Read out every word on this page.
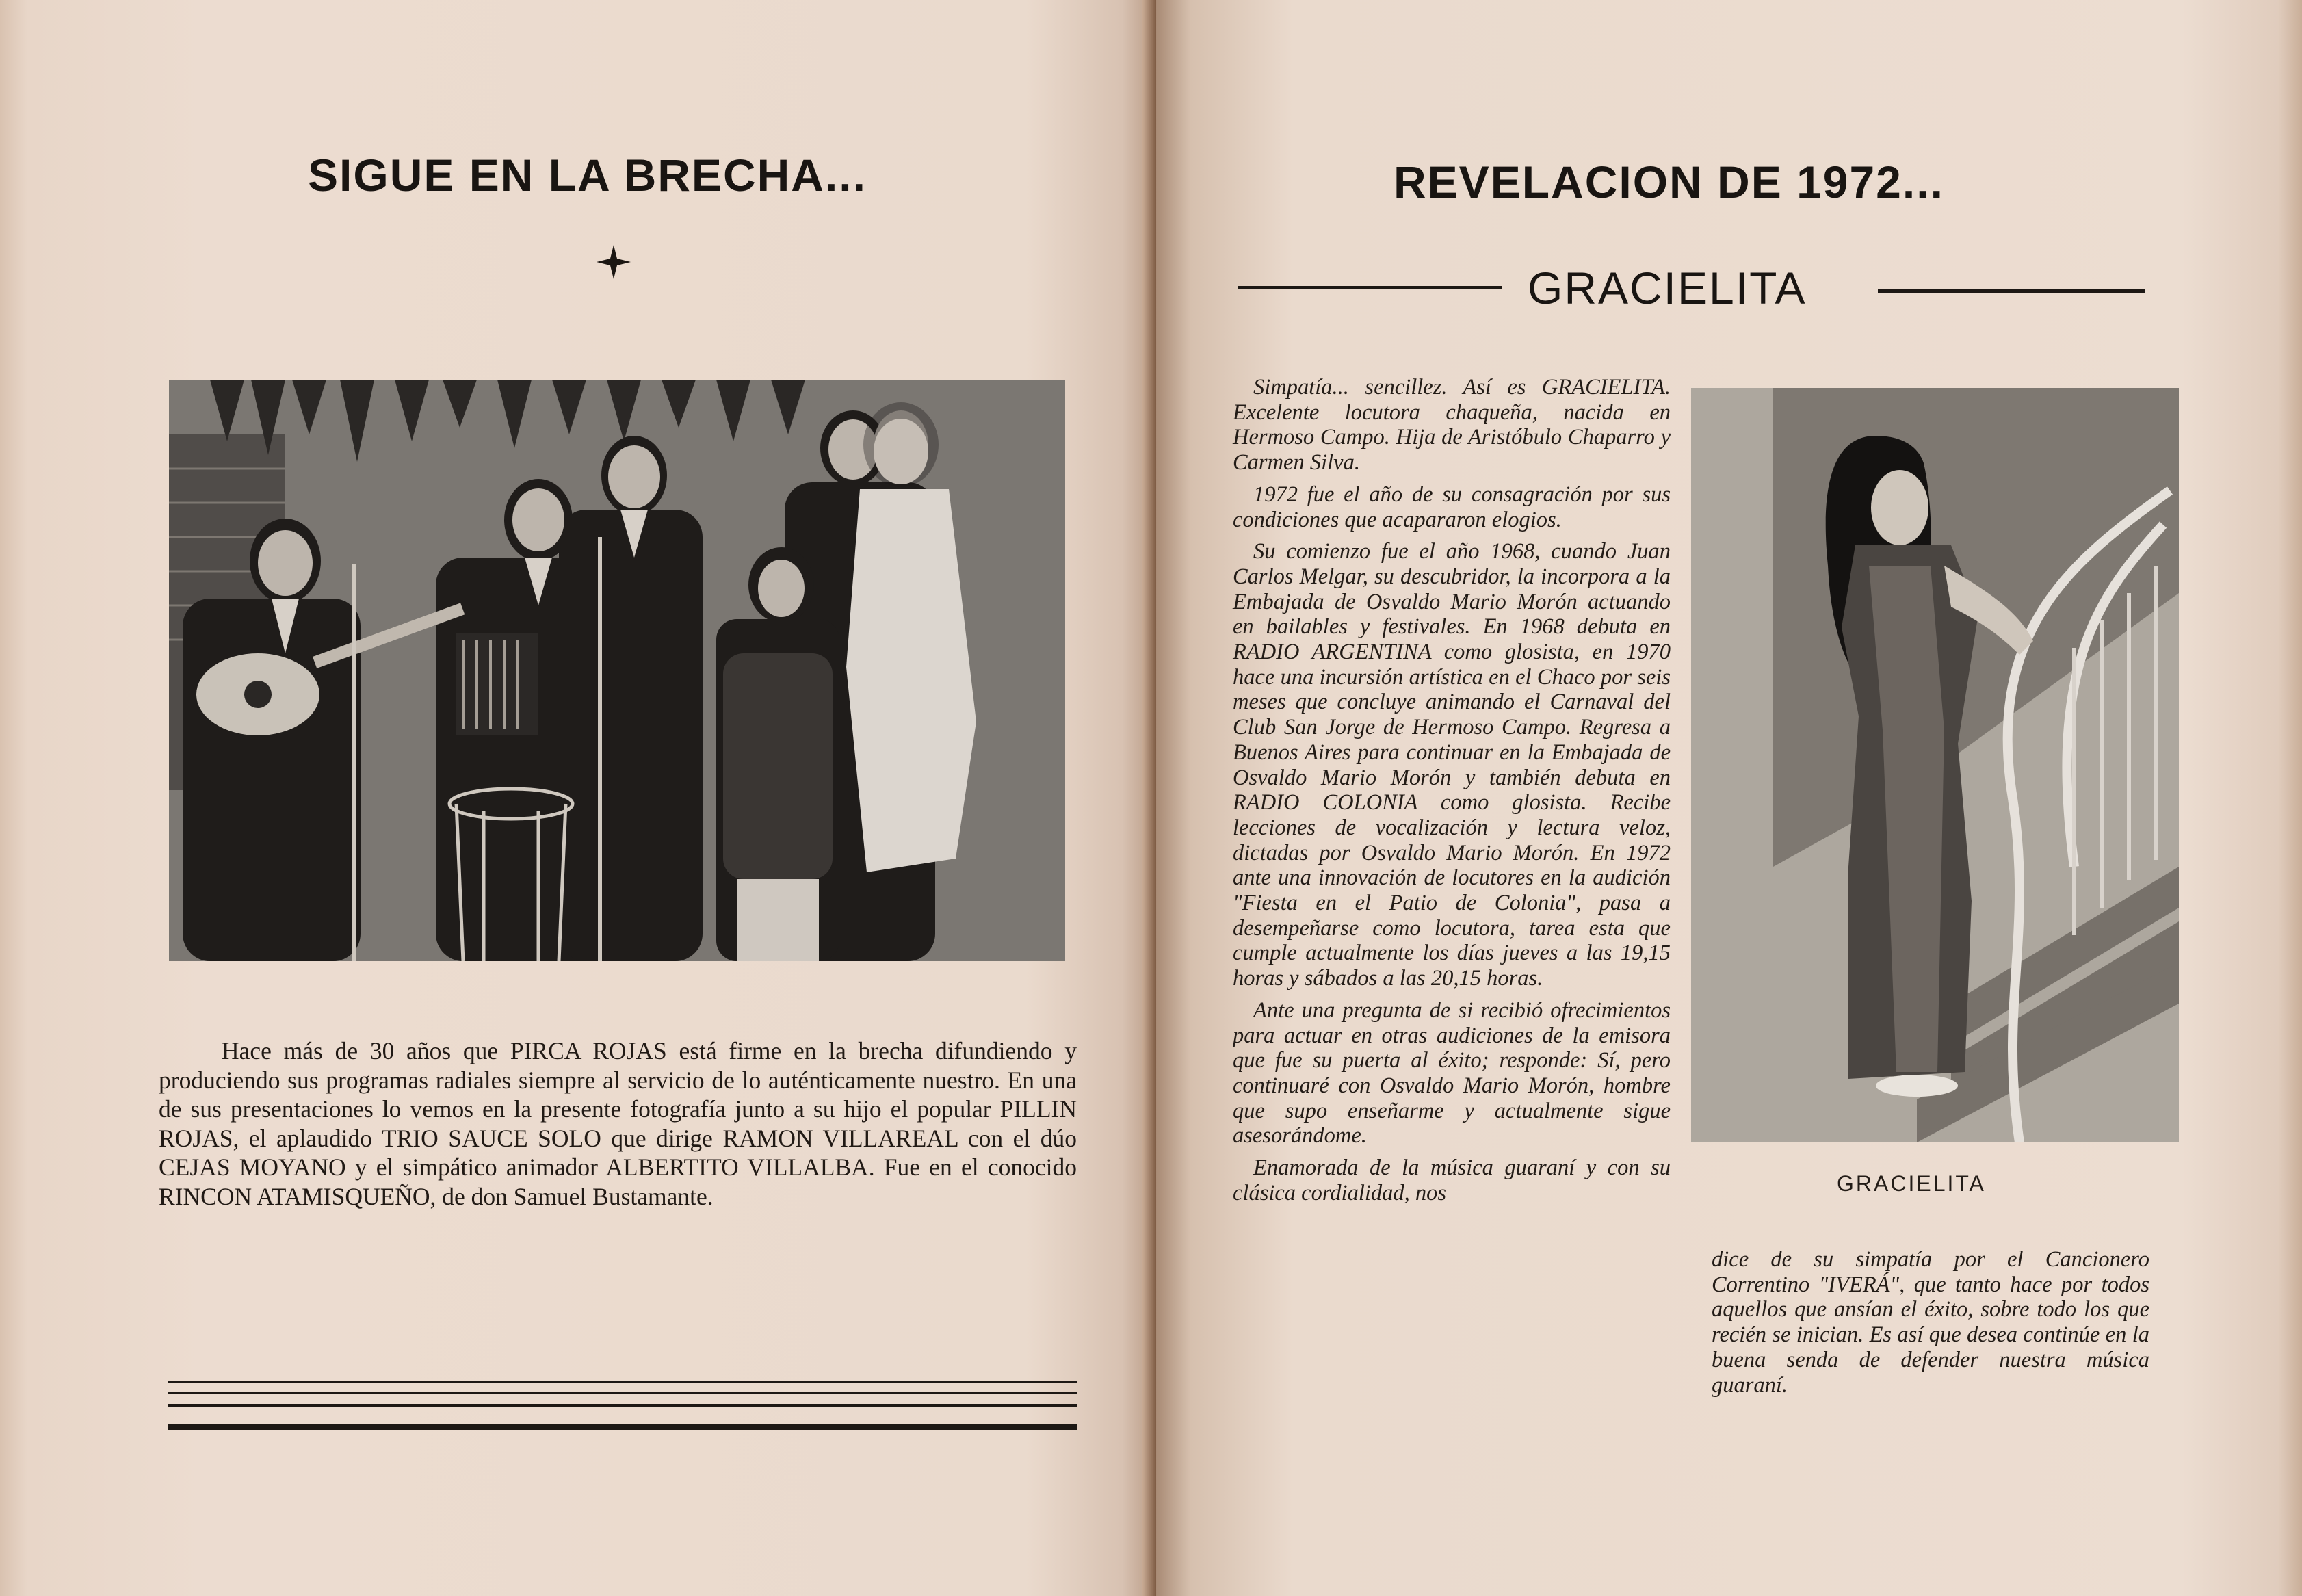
SIGUE EN LA BRECHA...
Hace más de 30 años que PIRCA ROJAS está firme en la brecha difundiendo y produciendo sus programas radiales siempre al servicio de lo auténticamente nuestro. En una de sus presentaciones lo vemos en la presente fotografía junto a su hijo el popular PILLIN ROJAS, el aplaudido TRIO SAUCE SOLO que dirige RAMON VILLAREAL con el dúo CEJAS MOYANO y el simpático animador ALBERTITO VILLALBA. Fue en el conocido RINCON ATAMISQUEÑO, de don Samuel Bustamante.
REVELACION DE 1972...
GRACIELITA

Simpatía... sencillez. Así es GRACIELITA. Excelente locutora chaqueña, nacida en Hermoso Campo. Hija de Aristóbulo Chaparro y Carmen Silva.

1972 fue el año de su consagración por sus condiciones que acapararon elogios.

Su comienzo fue el año 1968, cuando Juan Carlos Melgar, su descubridor, la incorpora a la Embajada de Osvaldo Mario Morón actuando en bailables y festivales. En 1968 debuta en RADIO ARGENTINA como glosista, en 1970 hace una incursión artística en el Chaco por seis meses que concluye animando el Carnaval del Club San Jorge de Hermoso Campo. Regresa a Buenos Aires para continuar en la Embajada de Osvaldo Mario Morón y también debuta en RADIO COLONIA como glosista. Recibe lecciones de vocalización y lectura veloz, dictadas por Osvaldo Mario Morón. En 1972 ante una innovación de locutores en la audición "Fiesta en el Patio de Colonia", pasa a desempeñarse como locutora, tarea esta que cumple actualmente los días jueves a las 19,15 horas y sábados a las 20,15 horas.

Ante una pregunta de si recibió ofrecimientos para actuar en otras audiciones de la emisora que fue su puerta al éxito; responde: Sí, pero continuaré con Osvaldo Mario Morón, hombre que supo enseñarme y actualmente sigue asesorándome.

Enamorada de la música guaraní y con su clásica cordialidad, nos	GRACIELITA

dice de su simpatía por el Cancionero Correntino "IVERÁ", que tanto hace por todos aquellos que ansían el éxito, sobre todo los que recién se inician. Es así que desea continúe en la buena senda de defender nuestra música guaraní.
